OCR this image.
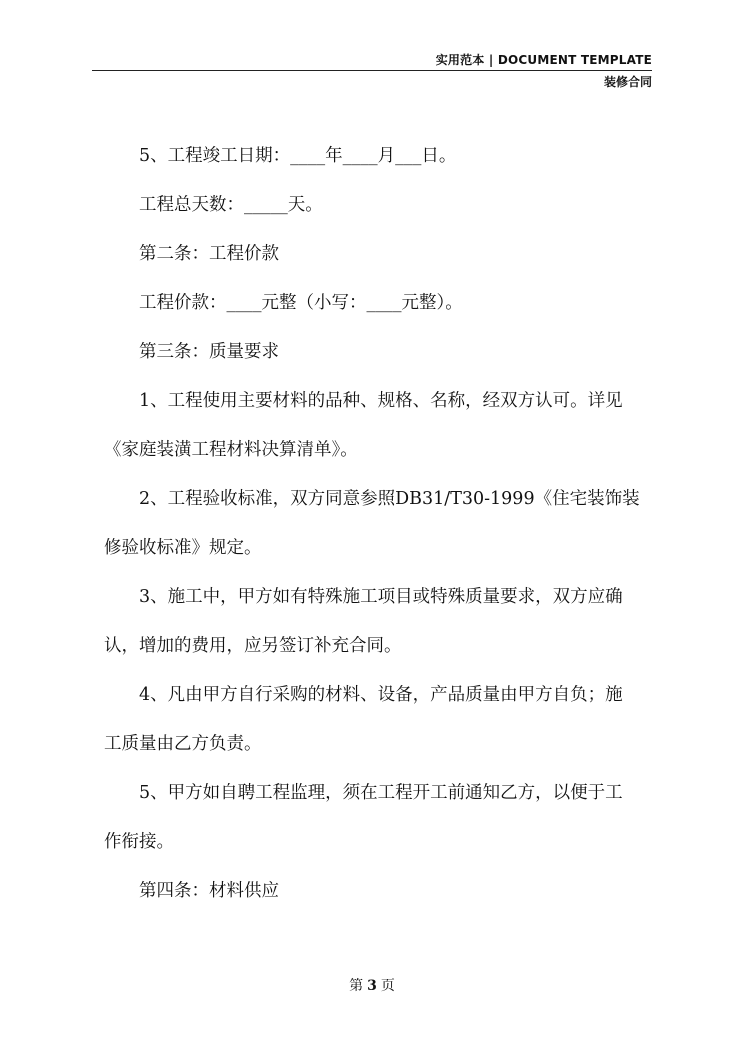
实用范本 | DOCUMENT TEMPLATE
装修合同

5、工程竣工日期：____年____月___日。

工程总天数：_____天。

第二条：工程价款

工程价款：____元整（小写：____元整）。

第三条：质量要求

1、工程使用主要材料的品种、规格、名称，经双方认可。详见

《家庭装潢工程材料决算清单》。

2、工程验收标准，双方同意参照DB31/T30-1999《住宅装饰装

修验收标准》规定。

3、施工中，甲方如有特殊施工项目或特殊质量要求，双方应确

认，增加的费用，应另签订补充合同。

4、凡由甲方自行采购的材料、设备，产品质量由甲方自负；施

工质量由乙方负责。

5、甲方如自聘工程监理，须在工程开工前通知乙方，以便于工

作衔接。

第四条：材料供应

第 3 页
